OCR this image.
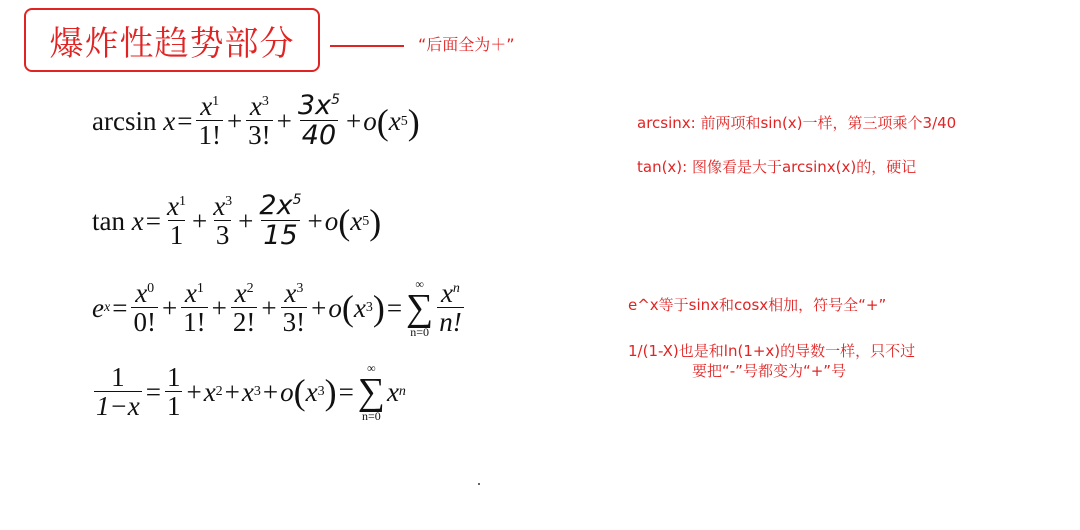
爆炸性趋势部分	“后面全为＋”
arcsin
$x = \frac{x^1}{1!} + \frac{x^3}{3!} + \frac{3x^5}{40} + o$ ( x 5 )
tan
$x = \frac{x^1}{1} + \frac{x^3}{3} + \frac{2x^5}{15} + o$ ( x 5 )
e $x = \frac{x^0}{0!} + \frac{x^1}{1!} + \frac{x^2}{2!} + \frac{x^3}{3!} + o$ ( x 3 ) =
∞
∑
$n=0 \frac{x^n}{n!}$
$\frac{1}{1-x} = \frac{1}{1} + x$ 2 + x 3 + o ( x 3 ) =
∞
∑
n=0
x n
arcsinx: 前两项和sin(x)一样，第三项乘个3/40
tan(x): 图像看是大于arcsinx(x)的，硬记
e^x等于sinx和cosx相加，符号全“+”
1/(1-X)也是和ln(1+x)的导数一样，只不过
要把“-”号都变为“+”号
